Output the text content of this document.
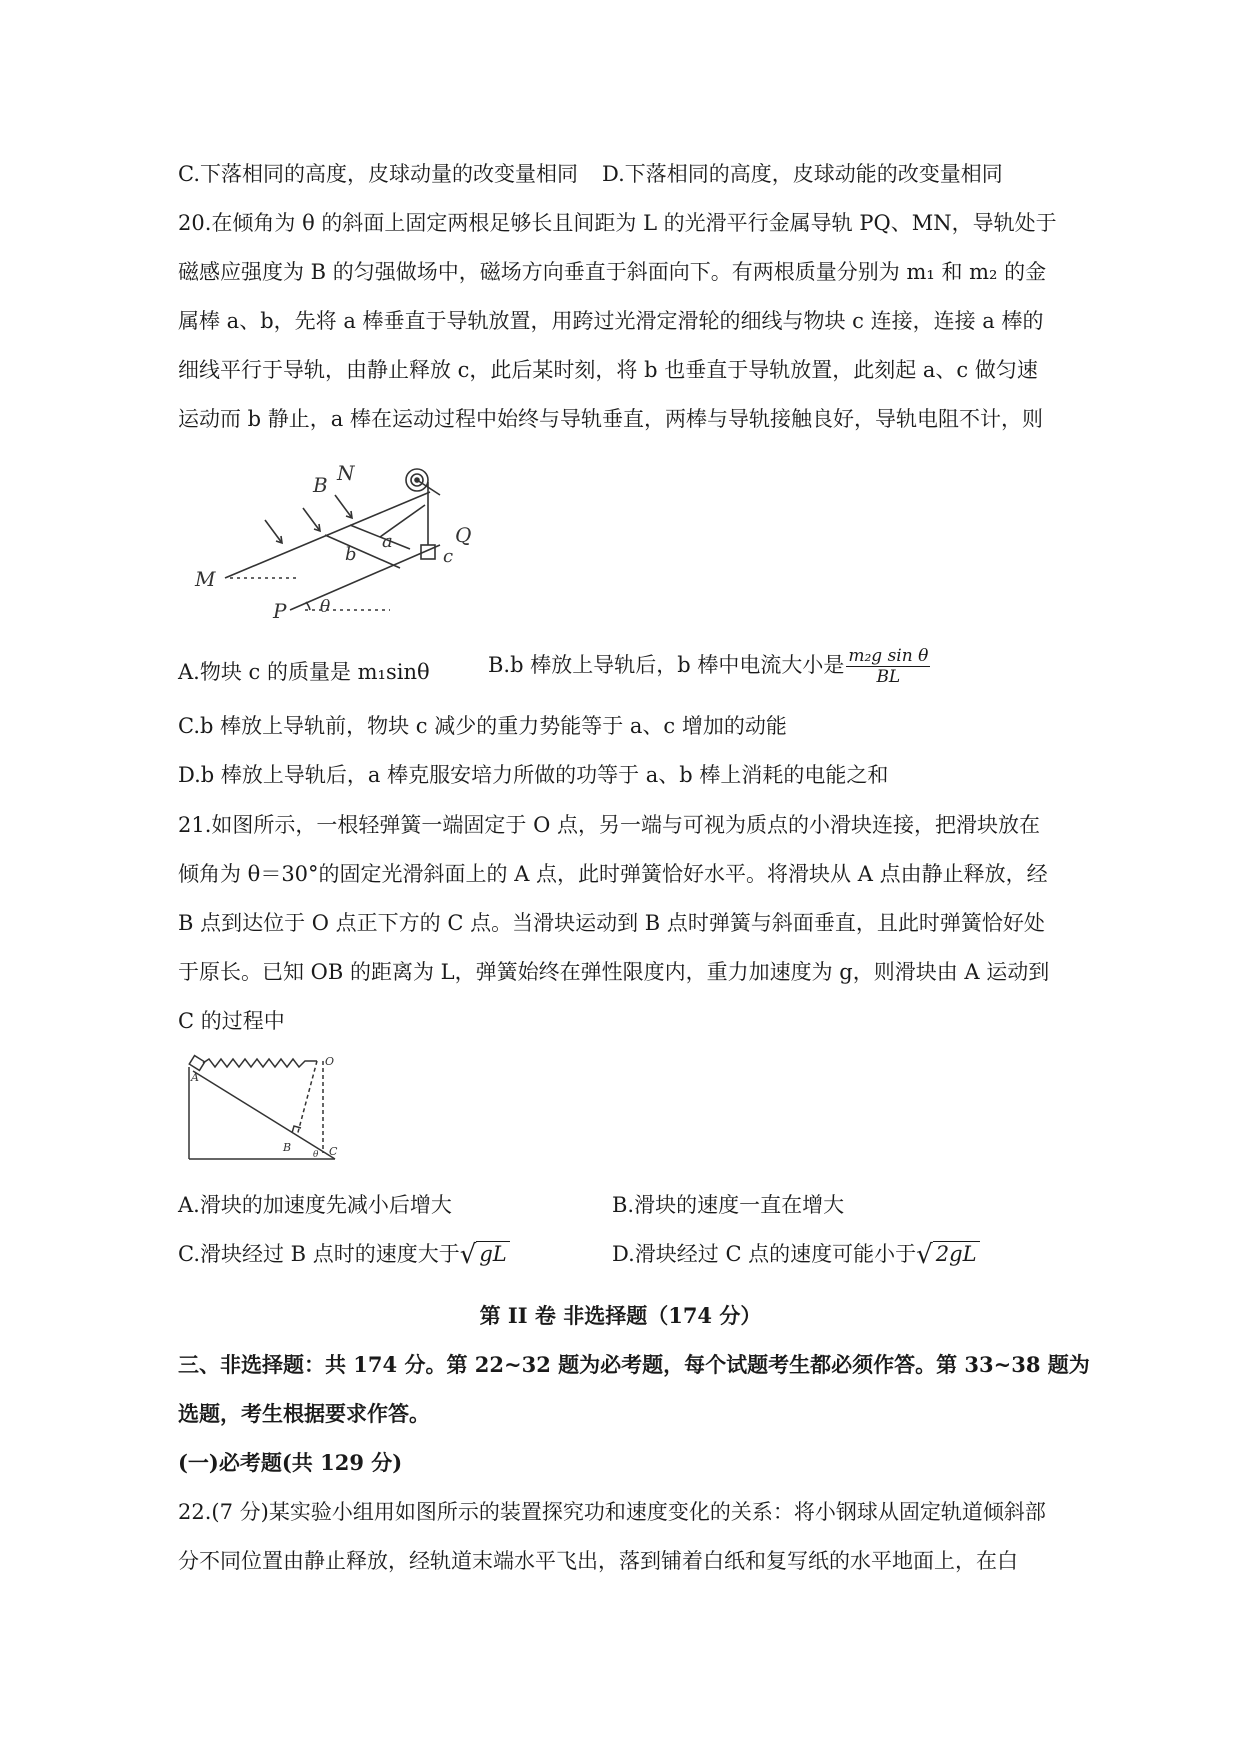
C.下落相同的高度，皮球动量的改变量相同 D.下落相同的高度，皮球动能的改变量相同
20.在倾角为 θ 的斜面上固定两根足够长且间距为 L 的光滑平行金属导轨 PQ、MN，导轨处于
磁感应强度为 B 的匀强做场中，磁场方向垂直于斜面向下。有两根质量分别为 m₁ 和 m₂ 的金
属棒 a、b，先将 a 棒垂直于导轨放置，用跨过光滑定滑轮的细线与物块 c 连接，连接 a 棒的
细线平行于导轨，由静止释放 c，此后某时刻，将 b 也垂直于导轨放置，此刻起 a、c 做匀速
运动而 b 静止，a 棒在运动过程中始终与导轨垂直，两棒与导轨接触良好，导轨电阻不计，则
B N
Q
a
b	c
M
P θ
A.物块 c 的质量是 m₁sinθ	B.b 棒放上导轨后，b 棒中电流大小是 $\frac{\text{m₂g sin θ}}{BL}$
C.b 棒放上导轨前，物块 c 减少的重力势能等于 a、c 增加的动能
D.b 棒放上导轨后，a 棒克服安培力所做的功等于 a、b 棒上消耗的电能之和
21.如图所示，一根轻弹簧一端固定于 O 点，另一端与可视为质点的小滑块连接，把滑块放在
倾角为 θ＝30°的固定光滑斜面上的 A 点，此时弹簧恰好水平。将滑块从 A 点由静止释放，经
B 点到达位于 O 点正下方的 C 点。当滑块运动到 B 点时弹簧与斜面垂直，且此时弹簧恰好处
于原长。已知 OB 的距离为 L，弹簧始终在弹性限度内，重力加速度为 g，则滑块由 A 运动到
C 的过程中
A
O
B	C
θ
A.滑块的加速度先减小后增大	B.滑块的速度一直在增大
C.滑块经过 B 点时的速度大于√ gL	D.滑块经过 C 点的速度可能小于√ 2gL
第 II 卷 非选择题（174 分）
三、非选择题：共 174 分。第 22~32 题为必考题，每个试题考生都必须作答。第 33~38 题为
选题，考生根据要求作答。
(一)必考题(共 129 分)
22.(7 分)某实验小组用如图所示的装置探究功和速度变化的关系：将小钢球从固定轨道倾斜部
分不同位置由静止释放，经轨道末端水平飞出，落到铺着白纸和复写纸的水平地面上，在白
